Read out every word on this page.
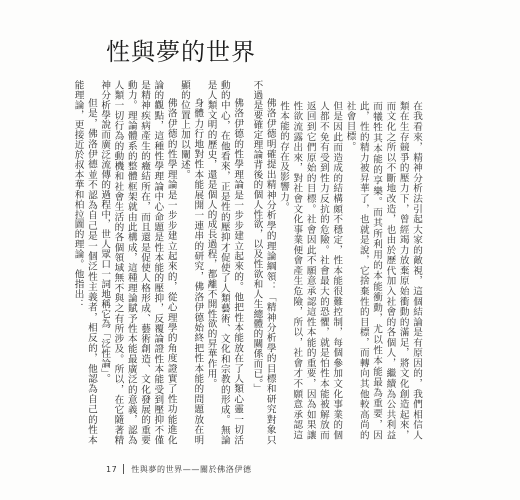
性與夢的世界

在我看來，精神分析法引起大家的敵視，這個結論是有原因的，我們相信人類在生存競爭的壓力下，曾經竭力放棄原始衝動的滿足，將文化創造起來，而文化之所以不斷地改造，也由於歷代加入社會的各個人，繼續為公共利益而犧牲其本能的享樂。而其所利用的本能衝動，尤以性本能最為重要，因此，性的精力被昇華了，也就是說，它捨棄性的目標，而轉向其他較高尚的社會目標。

但是因此而造成的結構頗不穩定，性本能很難控制，每個參加文化事業的個人都不免有受到性力反抗的危險。社會最大的恐懼，就是怕性本能被解放而返回到它們原始的目標。社會因此不願意承認這性本能的重要，因為如果讓性欲流露出來，對社會文化事業便會產生危險，所以，社會才不願意承認這性本能的存在及影響力。

佛洛伊德明確提出精神分析學的理論綱領：「精神分析學的目標和研究對象只不過是要確定理論背後的個人性欲，以及性欲和人生總體的關係而已。」

佛洛伊德的性學理論是一步步建立起來的。他把性本能放在了人類心靈一切活動的中心，在他看來，正是性的壓抑才促使了人類藝術、文化和宗教的形成。無論是人類文明的歷史，還是個人的成長過程，都離不開性欲的昇華作用。

身體力行地對性本能展開一連串的研究，佛洛伊德始終把性本能的問題放在明顯的位置上加以闡述。

佛洛伊德的性學理論是一步步建立起來的，從心理學的角度證實了性功能進化論的觀點，這種性學理論中心命題是性本能的壓抑，反覆論證性本能受到壓抑不僅是精神疾病產生的癥結所在，而且還是促使人格形成、藝術創造、文化發展的重要動力。理論體系的整體框架就由此構成，這種理論賦予性本能最廣泛的意義，認為人類一切行為的動機和社會生活的各個領域無不與之有所涉及。所以，在它隨著精神分析學說而廣泛流傳的過程中，世人眾口一詞地稱它為「泛性論」。

但是，佛洛伊德並不認為自己是一個泛性主義者，相反的，他認為自己的性本能理論，更接近於叔本華和柏拉圖的理論。他指出：

17 性與夢的世界——關於佛洛伊德
